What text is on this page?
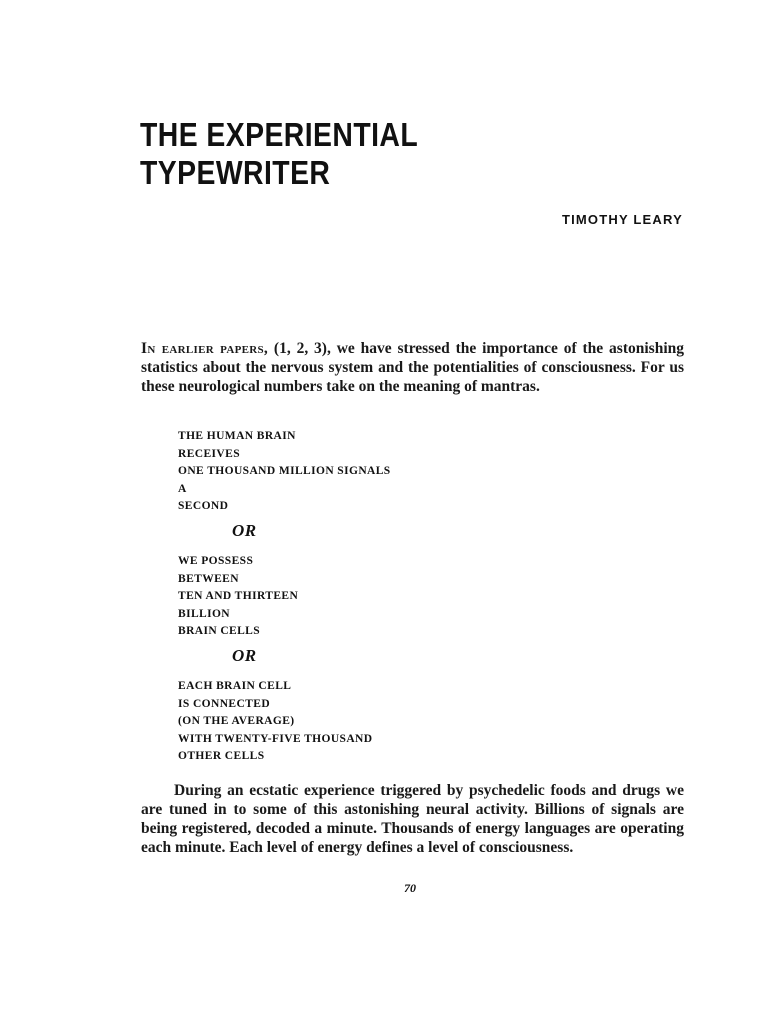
THE EXPERIENTIAL
TYPEWRITER
TIMOTHY LEARY

In earlier papers, (1, 2, 3), we have stressed the importance of the astonishing statistics about the nervous system and the potentialities of consciousness. For us these neurological numbers take on the meaning of mantras.

THE HUMAN BRAIN
RECEIVES
ONE THOUSAND MILLION SIGNALS
A
SECOND
OR
WE POSSESS
BETWEEN
TEN AND THIRTEEN
BILLION
BRAIN CELLS
OR
EACH BRAIN CELL
IS CONNECTED
(ON THE AVERAGE)
WITH TWENTY-FIVE THOUSAND
OTHER CELLS

During an ecstatic experience triggered by psychedelic foods and drugs we are tuned in to some of this astonishing neural activity. Billions of signals are being registered, decoded a minute. Thousands of energy languages are operating each minute. Each level of energy defines a level of consciousness.

70
